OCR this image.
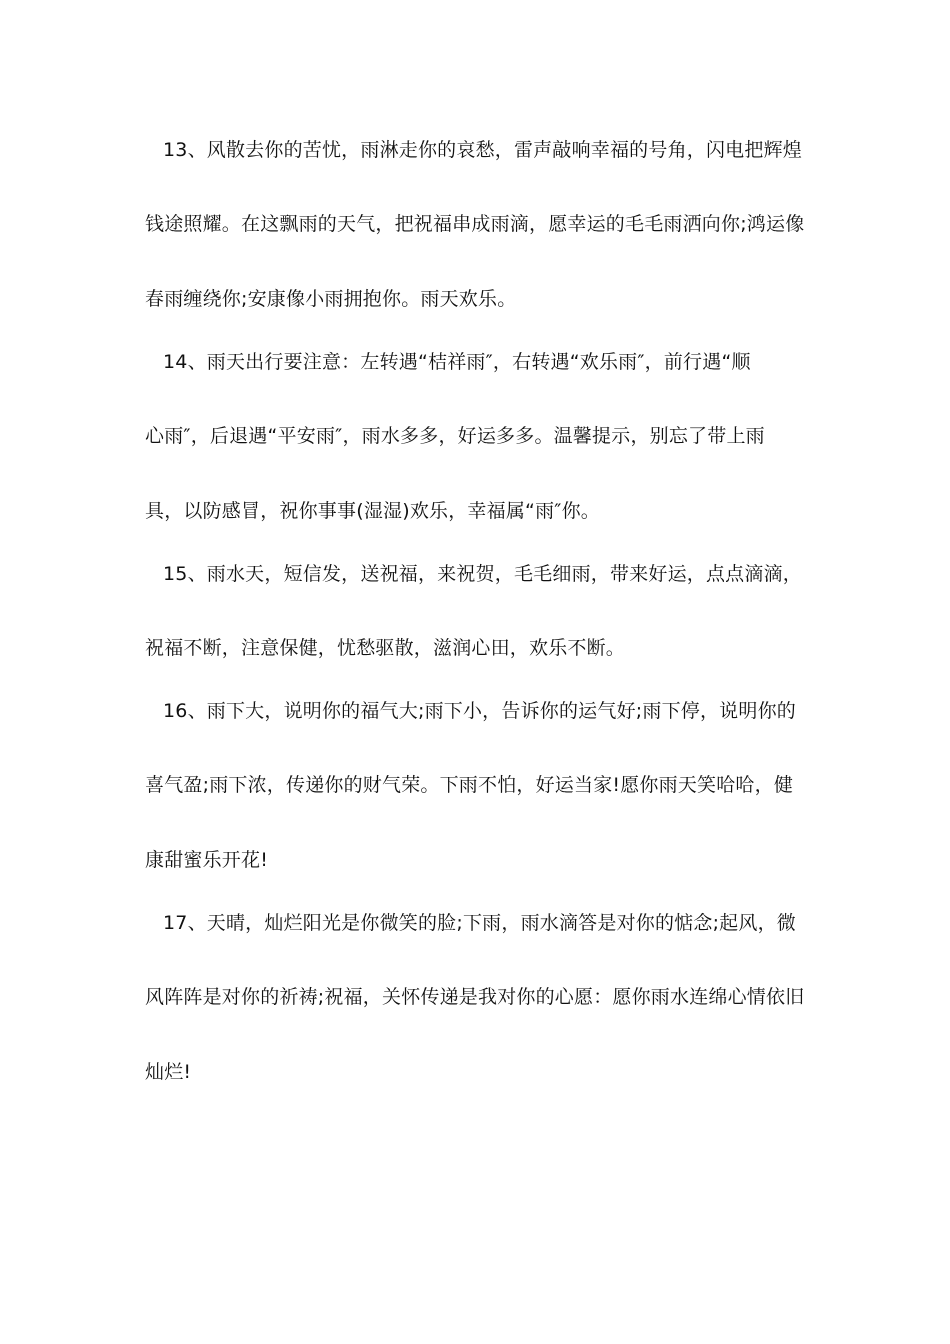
13、风散去你的苦忧，雨淋走你的哀愁，雷声敲响幸福的号角，闪电把辉煌
钱途照耀。在这飘雨的天气，把祝福串成雨滴，愿幸运的毛毛雨洒向你;鸿运像
春雨缠绕你;安康像小雨拥抱你。雨天欢乐。
14、雨天出行要注意：左转遇“桔祥雨″，右转遇“欢乐雨″，前行遇“顺
心雨″，后退遇“平安雨″，雨水多多，好运多多。温馨提示，别忘了带上雨
具，以防感冒，祝你事事(湿湿)欢乐，幸福属“雨″你。
15、雨水天，短信发，送祝福，来祝贺，毛毛细雨，带来好运，点点滴滴，
祝福不断，注意保健，忧愁驱散，滋润心田，欢乐不断。
16、雨下大，说明你的福气大;雨下小，告诉你的运气好;雨下停，说明你的
喜气盈;雨下浓，传递你的财气荣。下雨不怕，好运当家!愿你雨天笑哈哈，健
康甜蜜乐开花!
17、天晴，灿烂阳光是你微笑的脸;下雨，雨水滴答是对你的惦念;起风，微
风阵阵是对你的祈祷;祝福，关怀传递是我对你的心愿：愿你雨水连绵心情依旧
灿烂!
